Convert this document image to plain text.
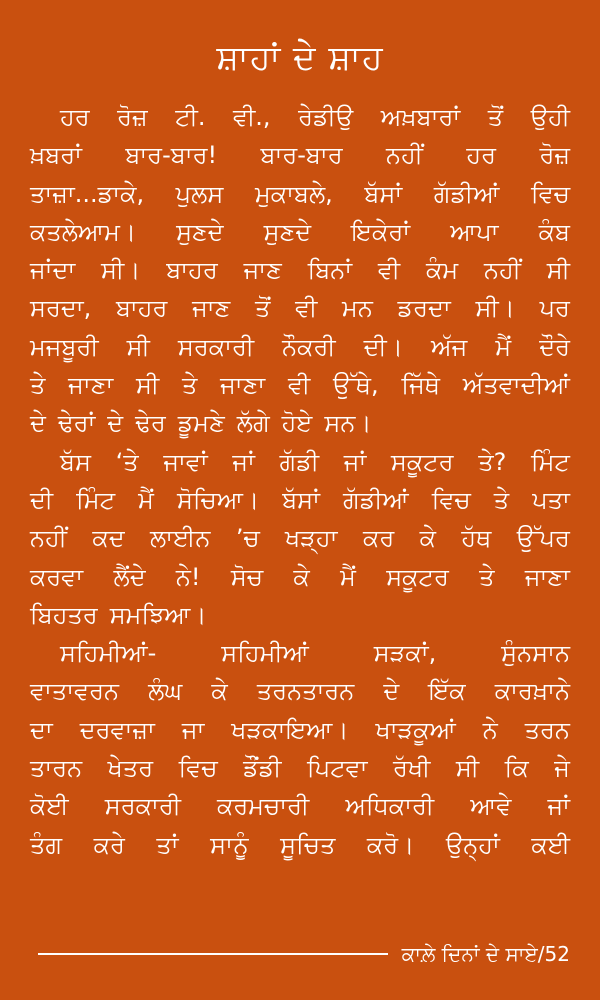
ਸ਼ਾਹਾਂ ਦੇ ਸ਼ਾਹ
ਹਰ ਰੋਜ਼ ਟੀ. ਵੀ., ਰੇਡੀਉ ਅਖ਼ਬਾਰਾਂ ਤੋਂ ਉਹੀ
ਖ਼ਬਰਾਂ ਬਾਰ-ਬਾਰ! ਬਾਰ-ਬਾਰ ਨਹੀਂ ਹਰ ਰੋਜ਼
ਤਾਜ਼ਾ...ਡਾਕੇ, ਪੁਲਸ ਮੁਕਾਬਲੇ, ਬੱਸਾਂ ਗੱਡੀਆਂ ਵਿਚ
ਕਤਲੇਆਮ। ਸੁਣਦੇ ਸੁਣਦੇ ਇਕੇਰਾਂ ਆਪਾ ਕੰਬ
ਜਾਂਦਾ ਸੀ। ਬਾਹਰ ਜਾਣ ਬਿਨਾਂ ਵੀ ਕੰਮ ਨਹੀਂ ਸੀ
ਸਰਦਾ, ਬਾਹਰ ਜਾਣ ਤੋਂ ਵੀ ਮਨ ਡਰਦਾ ਸੀ। ਪਰ
ਮਜਬੂਰੀ ਸੀ ਸਰਕਾਰੀ ਨੌਕਰੀ ਦੀ। ਅੱਜ ਮੈਂ ਦੌਰੇ
ਤੇ ਜਾਣਾ ਸੀ ਤੇ ਜਾਣਾ ਵੀ ਉੱਥੇ, ਜਿੱਥੇ ਅੱਤਵਾਦੀਆਂ
ਦੇ ਢੇਰਾਂ ਦੇ ਢੇਰ ਡੂਮਣੇ ਲੱਗੇ ਹੋਏ ਸਨ।
ਬੱਸ ‘ਤੇ ਜਾਵਾਂ ਜਾਂ ਗੱਡੀ ਜਾਂ ਸਕੂਟਰ ਤੇ? ਮਿੰਟ
ਦੀ ਮਿੰਟ ਮੈਂ ਸੋਚਿਆ। ਬੱਸਾਂ ਗੱਡੀਆਂ ਵਿਚ ਤੇ ਪਤਾ
ਨਹੀਂ ਕਦ ਲਾਈਨ ’ਚ ਖੜ੍ਹਾ ਕਰ ਕੇ ਹੱਥ ਉੱਪਰ
ਕਰਵਾ ਲੈਂਦੇ ਨੇ! ਸੋਚ ਕੇ ਮੈਂ ਸਕੂਟਰ ਤੇ ਜਾਣਾ
ਬਿਹਤਰ ਸਮਝਿਆ।
ਸਹਿਮੀਆਂ-	ਸਹਿਮੀਆਂ	ਸੜਕਾਂ,	ਸੁੰਨਸਾਨ
ਵਾਤਾਵਰਨ ਲੰਘ ਕੇ ਤਰਨਤਾਰਨ ਦੇ ਇੱਕ ਕਾਰਖ਼ਾਨੇ
ਦਾ ਦਰਵਾਜ਼ਾ ਜਾ ਖੜਕਾਇਆ। ਖਾੜਕੂਆਂ ਨੇ ਤਰਨ
ਤਾਰਨ ਖੇਤਰ ਵਿਚ ਡੌਂਡੀ ਪਿਟਵਾ ਰੱਖੀ ਸੀ ਕਿ ਜੇ
ਕੋਈ ਸਰਕਾਰੀ ਕਰਮਚਾਰੀ ਅਧਿਕਾਰੀ ਆਵੇ ਜਾਂ
ਤੰਗ ਕਰੇ ਤਾਂ ਸਾਨੂੰ ਸੂਚਿਤ ਕਰੋ। ਉਨ੍ਹਾਂ ਕਈ
ਕਾਲ਼ੇ ਦਿਨਾਂ ਦੇ ਸਾਏ/52
